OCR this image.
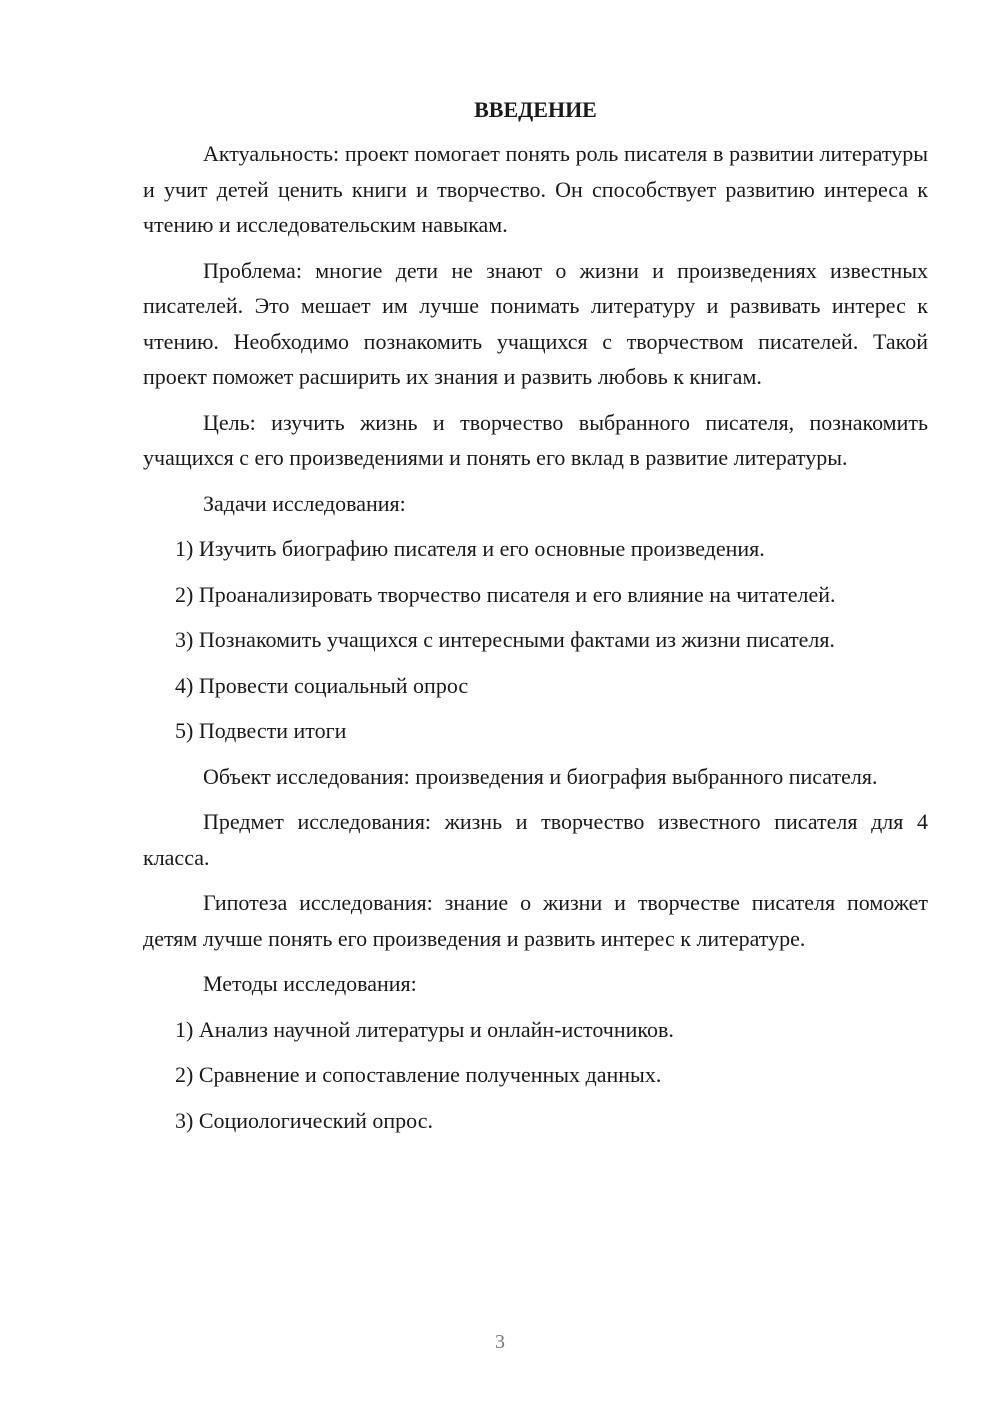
ВВЕДЕНИЕ

Актуальность: проект помогает понять роль писателя в развитии литературы и учит детей ценить книги и творчество. Он способствует развитию интереса к чтению и исследовательским навыкам.

Проблема: многие дети не знают о жизни и произведениях известных писателей. Это мешает им лучше понимать литературу и развивать интерес к чтению. Необходимо познакомить учащихся с творчеством писателей. Такой проект поможет расширить их знания и развить любовь к книгам.

Цель: изучить жизнь и творчество выбранного писателя, познакомить учащихся с его произведениями и понять его вклад в развитие литературы.

Задачи исследования:

1) Изучить биографию писателя и его основные произведения.
2) Проанализировать творчество писателя и его влияние на читателей.
3) Познакомить учащихся с интересными фактами из жизни писателя.
4) Провести социальный опрос
5) Подвести итоги

Объект исследования: произведения и биография выбранного писателя.

Предмет исследования: жизнь и творчество известного писателя для 4 класса.

Гипотеза исследования: знание о жизни и творчестве писателя поможет детям лучше понять его произведения и развить интерес к литературе.

Методы исследования:

1) Анализ научной литературы и онлайн-источников.
2) Сравнение и сопоставление полученных данных.
3) Социологический опрос.
3
